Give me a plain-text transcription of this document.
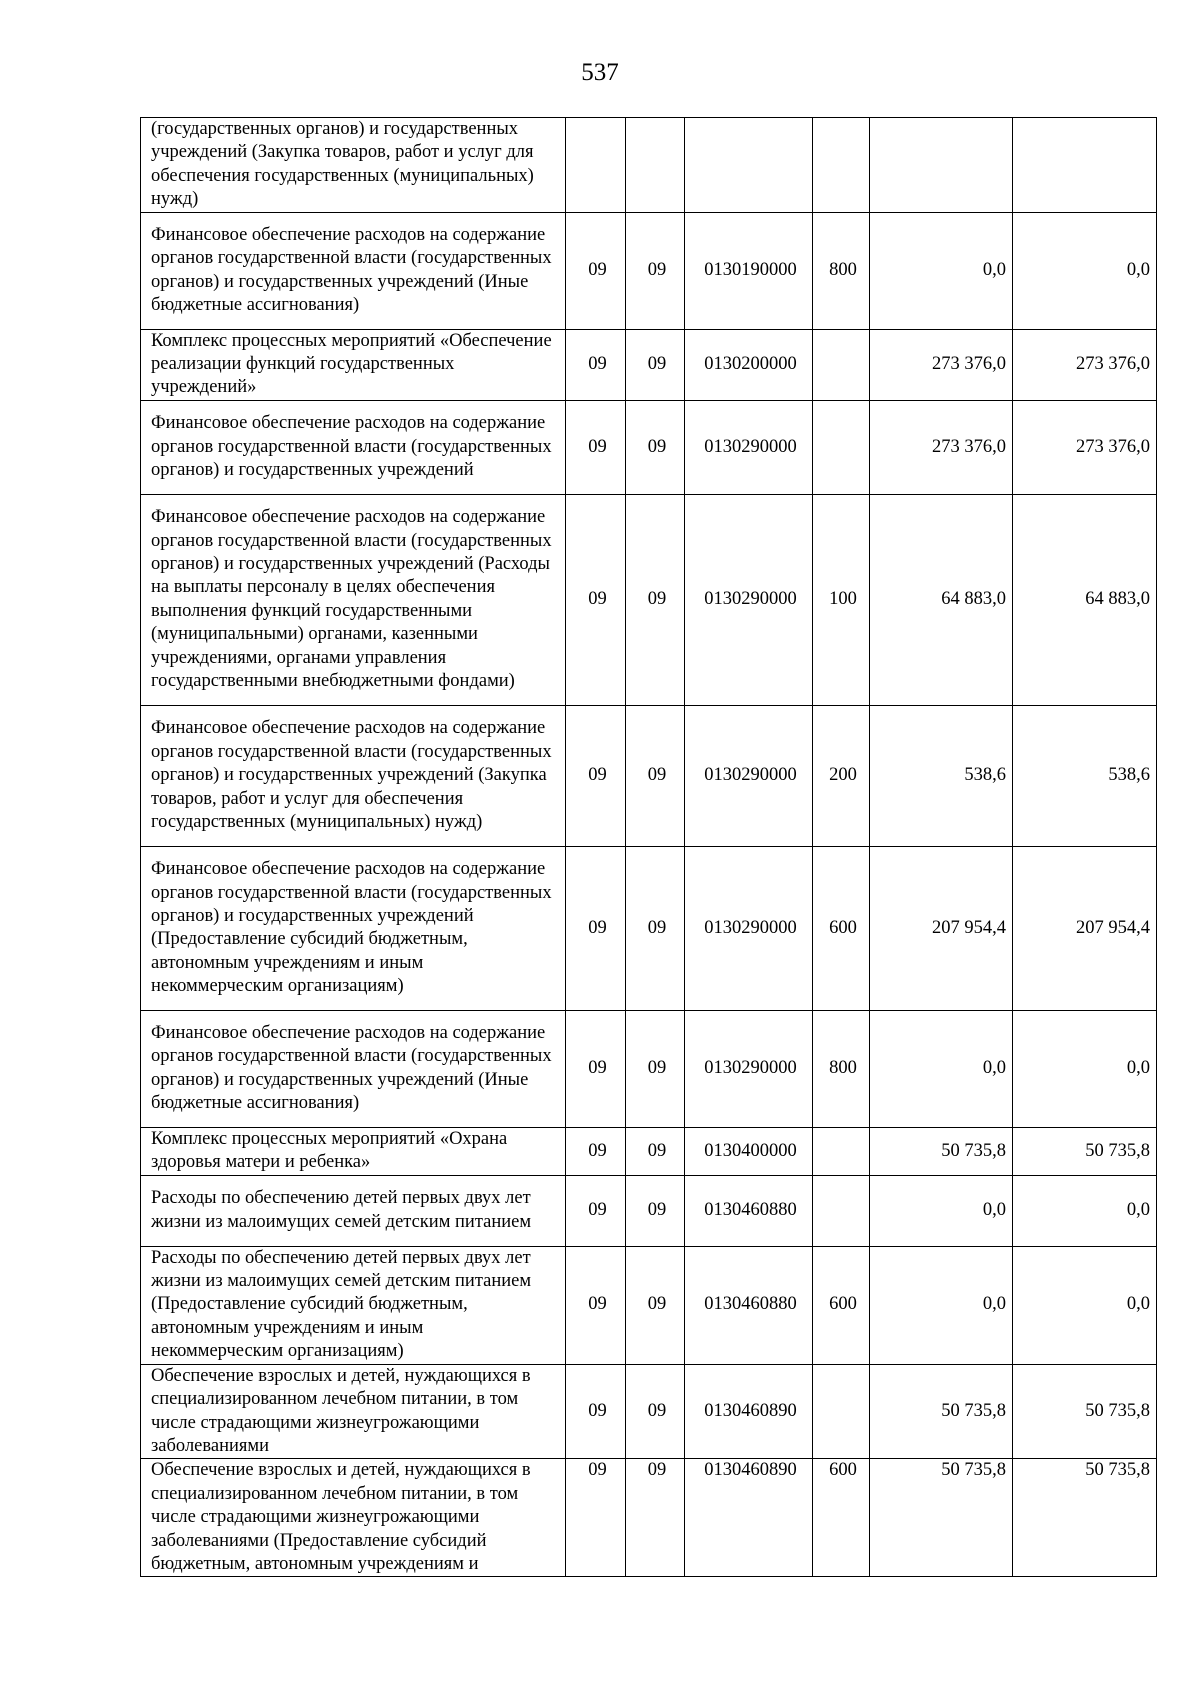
537
(государственных органов) и государственных учреждений (Закупка товаров, работ и услуг для обеспечения государственных (муниципальных) нужд)						
Финансовое обеспечение расходов на содержание органов государственной власти (государственных органов) и государственных учреждений (Иные бюджетные ассигнования)	09	09	0130190000	800	0,0	0,0
Комплекс процессных мероприятий «Обеспечение реализации функций государственных учреждений»	09	09	0130200000		273 376,0	273 376,0
Финансовое обеспечение расходов на содержание органов государственной власти (государственных органов) и государственных учреждений	09	09	0130290000		273 376,0	273 376,0
Финансовое обеспечение расходов на содержание органов государственной власти (государственных органов) и государственных учреждений (Расходы на выплаты персоналу в целях обеспечения выполнения функций государственными (муниципальными) органами, казенными учреждениями, органами управления государственными внебюджетными фондами)	09	09	0130290000	100	64 883,0	64 883,0
Финансовое обеспечение расходов на содержание органов государственной власти (государственных органов) и государственных учреждений (Закупка товаров, работ и услуг для обеспечения государственных (муниципальных) нужд)	09	09	0130290000	200	538,6	538,6
Финансовое обеспечение расходов на содержание органов государственной власти (государственных органов) и государственных учреждений (Предоставление субсидий бюджетным, автономным учреждениям и иным некоммерческим организациям)	09	09	0130290000	600	207 954,4	207 954,4
Финансовое обеспечение расходов на содержание органов государственной власти (государственных органов) и государственных учреждений (Иные бюджетные ассигнования)	09	09	0130290000	800	0,0	0,0
Комплекс процессных мероприятий «Охрана здоровья матери и ребенка»	09	09	0130400000		50 735,8	50 735,8
Расходы по обеспечению детей первых двух лет жизни из малоимущих семей детским питанием	09	09	0130460880		0,0	0,0
Расходы по обеспечению детей первых двух лет жизни из малоимущих семей детским питанием (Предоставление субсидий бюджетным, автономным учреждениям и иным некоммерческим организациям)	09	09	0130460880	600	0,0	0,0
Обеспечение взрослых и детей, нуждающихся в специализированном лечебном питании, в том числе страдающими жизнеугрожающими заболеваниями	09	09	0130460890		50 735,8	50 735,8
Обеспечение взрослых и детей, нуждающихся в специализированном лечебном питании, в том числе страдающими жизнеугрожающими заболеваниями (Предоставление субсидий бюджетным, автономным учреждениям и	09	09	0130460890	600	50 735,8	50 735,8
